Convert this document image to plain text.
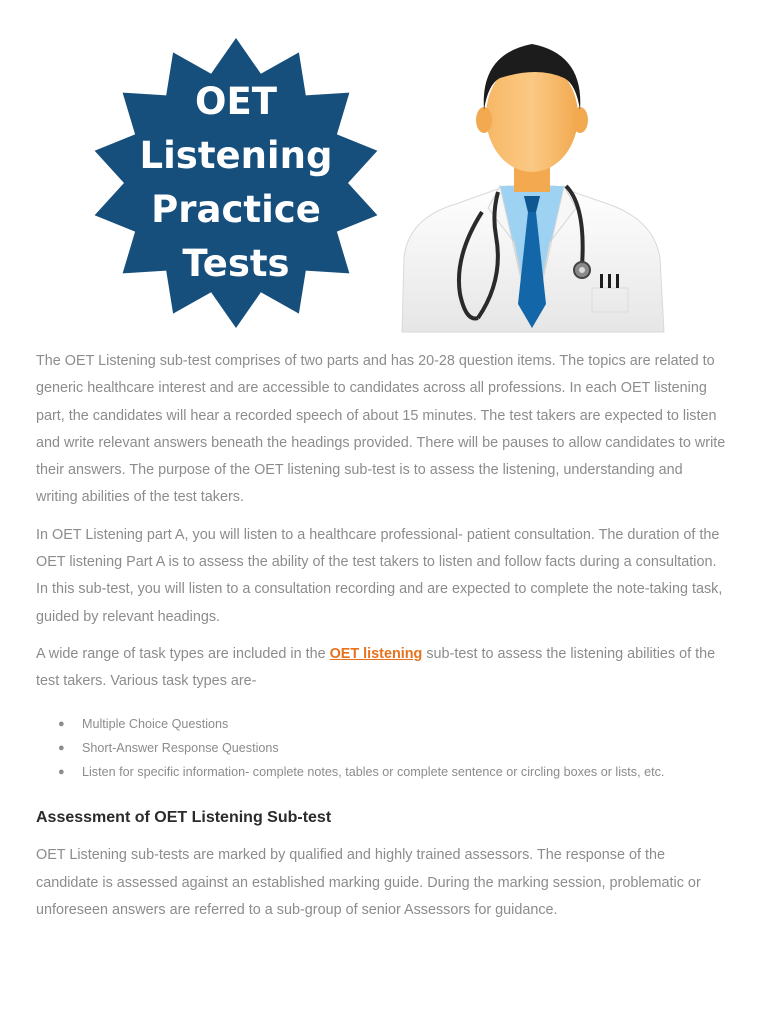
OET
Listening
Practice
Tests

The OET Listening sub-test comprises of two parts and has 20-28 question items. The topics are related to generic healthcare interest and are accessible to candidates across all professions. In each OET listening part, the candidates will hear a recorded speech of about 15 minutes. The test takers are expected to listen and write relevant answers beneath the headings provided. There will be pauses to allow candidates to write their answers. The purpose of the OET listening sub-test is to assess the listening, understanding and writing abilities of the test takers.

In OET Listening part A, you will listen to a healthcare professional- patient consultation. The duration of the OET listening Part A is to assess the ability of the test takers to listen and follow facts during a consultation. In this sub-test, you will listen to a consultation recording and are expected to complete the note-taking task, guided by relevant headings.

A wide range of task types are included in the OET listening sub-test to assess the listening abilities of the test takers. Various task types are-

● Multiple Choice Questions
● Short-Answer Response Questions
● Listen for specific information- complete notes, tables or complete sentence or circling boxes or lists, etc.
Assessment of OET Listening Sub-test

OET Listening sub-tests are marked by qualified and highly trained assessors. The response of the candidate is assessed against an established marking guide. During the marking session, problematic or unforeseen answers are referred to a sub-group of senior Assessors for guidance.
